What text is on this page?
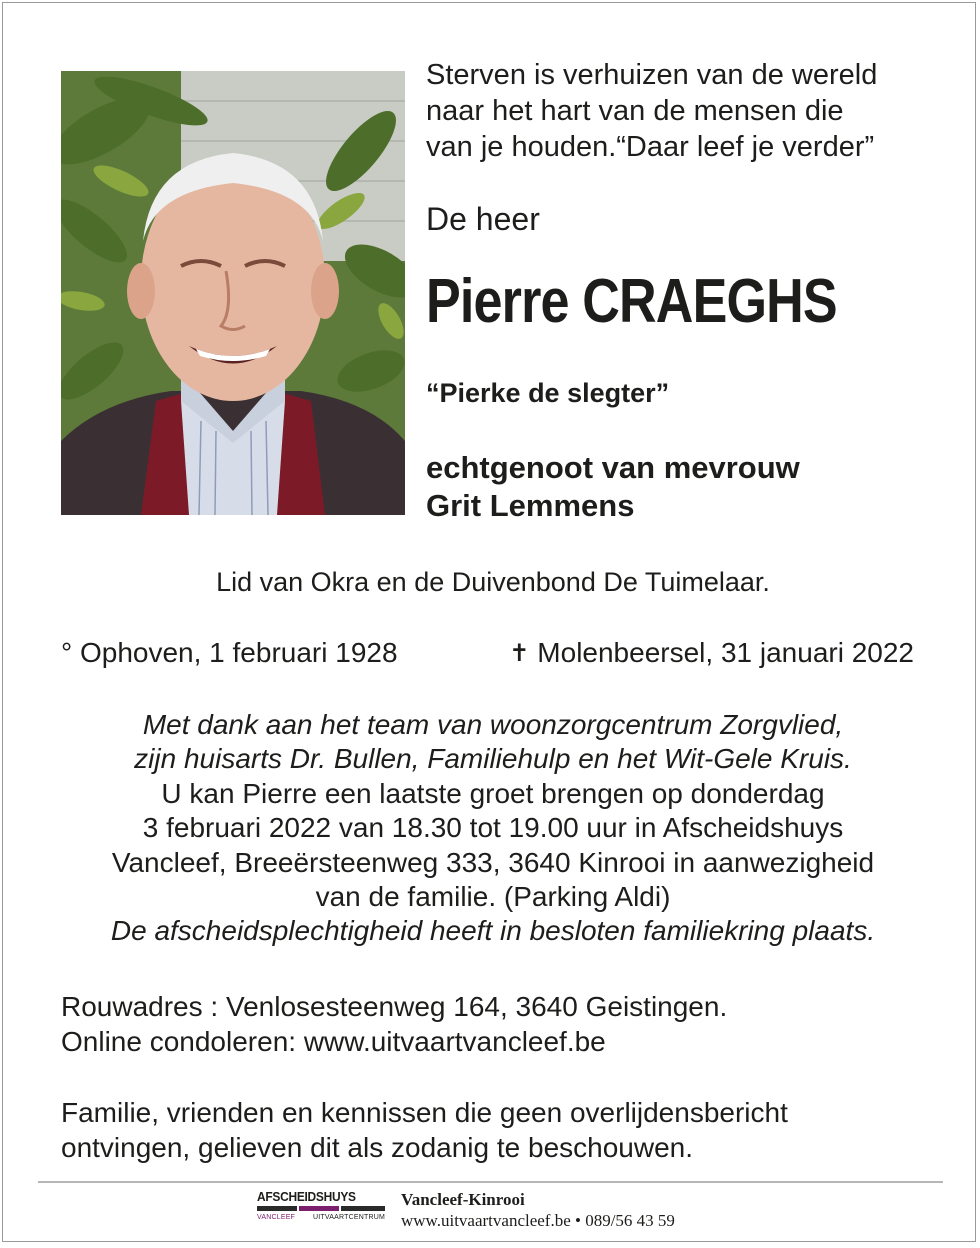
Sterven is verhuizen van de wereld
naar het hart van de mensen die
van je houden.“Daar leef je verder”
De heer
Pierre CRAEGHS
“Pierke de slegter”
echtgenoot van mevrouw
Grit Lemmens
Lid van Okra en de Duivenbond De Tuimelaar.
° Ophoven, 1 februari 1928	✝ Molenbeersel, 31 januari 2022
Met dank aan het team van woonzorgcentrum Zorgvlied,
zijn huisarts Dr. Bullen, Familiehulp en het Wit-Gele Kruis.
U kan Pierre een laatste groet brengen op donderdag
3 februari 2022 van 18.30 tot 19.00 uur in Afscheidshuys
Vancleef, Breeërsteenweg 333, 3640 Kinrooi in aanwezigheid
van de familie. (Parking Aldi)
De afscheidsplechtigheid heeft in besloten familiekring plaats.
Rouwadres : Venlosesteenweg 164, 3640 Geistingen.
Online condoleren: www.uitvaartvancleef.be
Familie, vrienden en kennissen die geen overlijdensbericht
ontvingen, gelieven dit als zodanig te beschouwen.
AFSCHEIDSHUYS
VANCLEEF	UITVAARTCENTRUM
Vancleef-Kinrooi
www.uitvaartvancleef.be • 089/56 43 59
